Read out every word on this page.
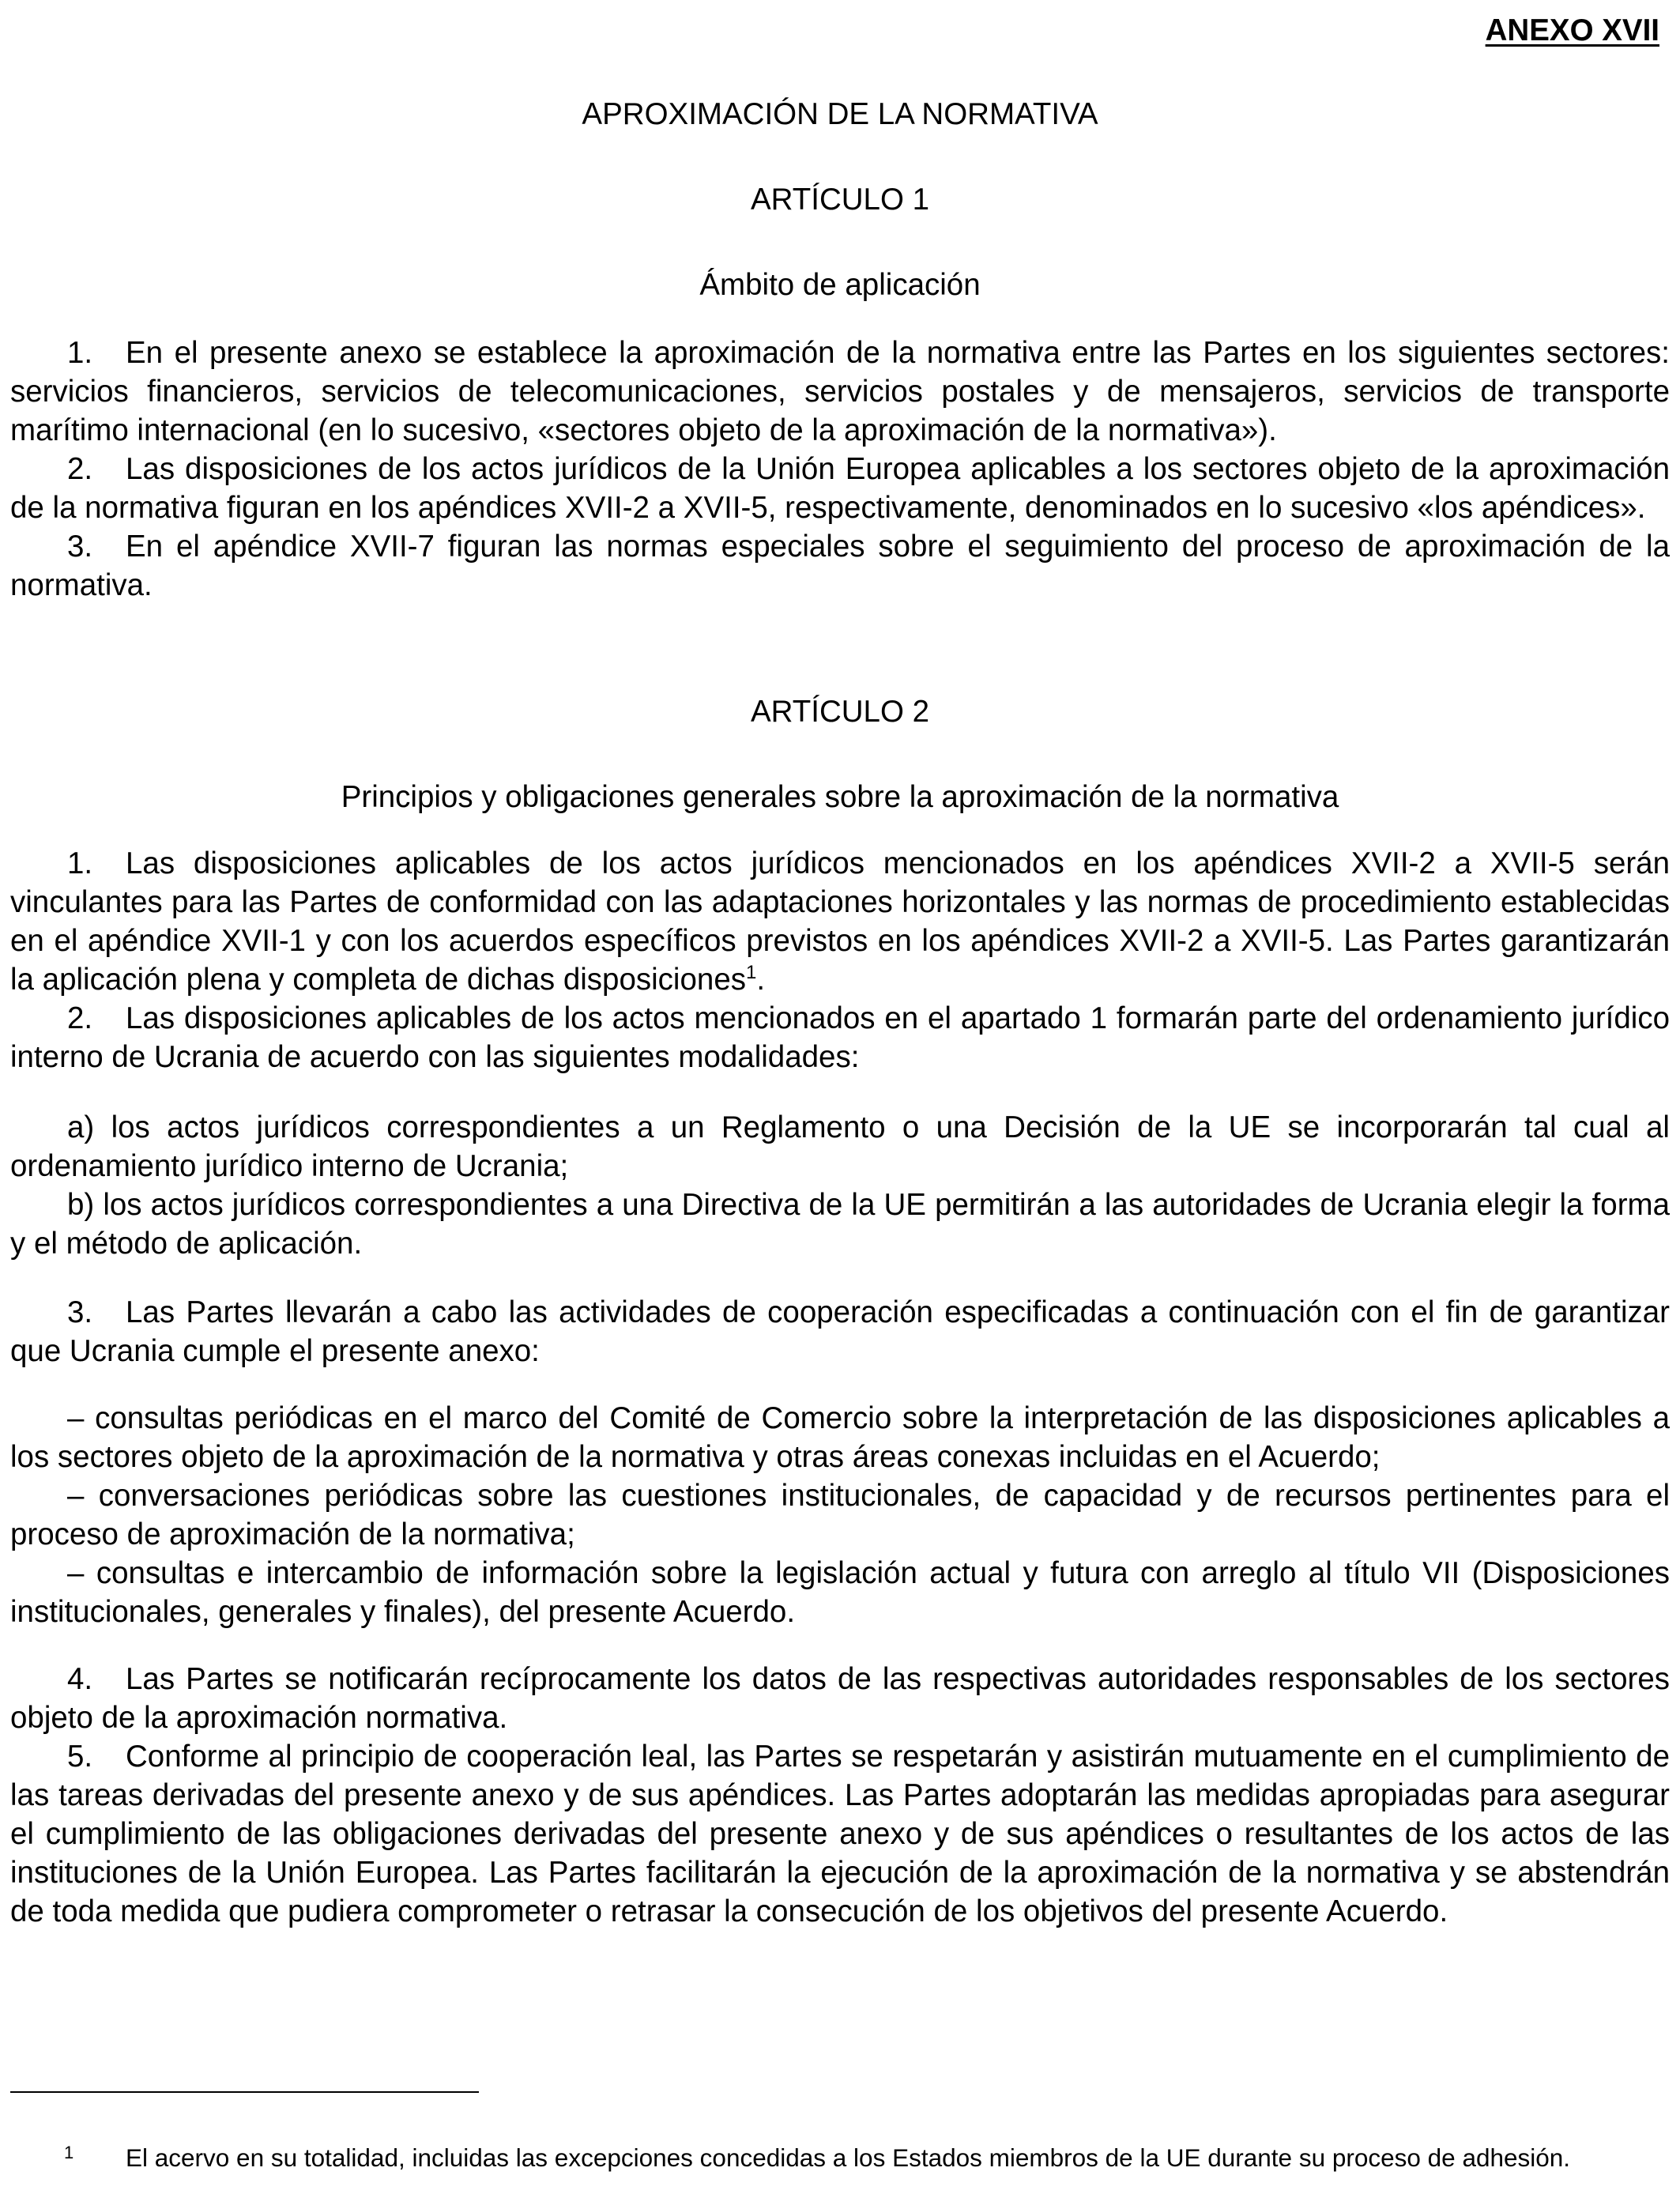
ANEXO XVII
APROXIMACIÓN DE LA NORMATIVA
ARTÍCULO 1
Ámbito de aplicación

1. En el presente anexo se establece la aproximación de la normativa entre las Partes en los siguientes sectores: servicios financieros, servicios de telecomunicaciones, servicios postales y de mensajeros, servicios de transporte marítimo internacional (en lo sucesivo, «sectores objeto de la aproximación de la normativa»).

2. Las disposiciones de los actos jurídicos de la Unión Europea aplicables a los sectores objeto de la aproximación de la normativa figuran en los apéndices XVII-2 a XVII-5, respectivamente, denominados en lo sucesivo «los apéndices».

3. En el apéndice XVII-7 figuran las normas especiales sobre el seguimiento del proceso de aproximación de la normativa.

ARTÍCULO 2
Principios y obligaciones generales sobre la aproximación de la normativa

1. Las disposiciones aplicables de los actos jurídicos mencionados en los apéndices XVII-2 a XVII-5 serán vinculantes para las Partes de conformidad con las adaptaciones horizontales y las normas de procedimiento establecidas en el apéndice XVII-1 y con los acuerdos específicos previstos en los apéndices XVII-2 a XVII-5. Las Partes garantizarán la aplicación plena y completa de dichas disposiciones$^1$.

2. Las disposiciones aplicables de los actos mencionados en el apartado 1 formarán parte del ordenamiento jurídico interno de Ucrania de acuerdo con las siguientes modalidades:

a) los actos jurídicos correspondientes a un Reglamento o una Decisión de la UE se incorporarán tal cual al ordenamiento jurídico interno de Ucrania;

b) los actos jurídicos correspondientes a una Directiva de la UE permitirán a las autoridades de Ucrania elegir la forma y el método de aplicación.

3. Las Partes llevarán a cabo las actividades de cooperación especificadas a continuación con el fin de garantizar que Ucrania cumple el presente anexo:

– consultas periódicas en el marco del Comité de Comercio sobre la interpretación de las disposiciones aplicables a los sectores objeto de la aproximación de la normativa y otras áreas conexas incluidas en el Acuerdo;

– conversaciones periódicas sobre las cuestiones institucionales, de capacidad y de recursos pertinentes para el proceso de aproximación de la normativa;

– consultas e intercambio de información sobre la legislación actual y futura con arreglo al título VII (Disposiciones institucionales, generales y finales), del presente Acuerdo.

4. Las Partes se notificarán recíprocamente los datos de las respectivas autoridades responsables de los sectores objeto de la aproximación normativa.

5. Conforme al principio de cooperación leal, las Partes se respetarán y asistirán mutuamente en el cumplimiento de las tareas derivadas del presente anexo y de sus apéndices. Las Partes adoptarán las medidas apropiadas para asegurar el cumplimiento de las obligaciones derivadas del presente anexo y de sus apéndices o resultantes de los actos de las instituciones de la Unión Europea. Las Partes facilitarán la ejecución de la aproximación de la normativa y se abstendrán de toda medida que pudiera comprometer o retrasar la consecución de los objetivos del presente Acuerdo.

1 El acervo en su totalidad, incluidas las excepciones concedidas a los Estados miembros de la UE durante su proceso de adhesión.
